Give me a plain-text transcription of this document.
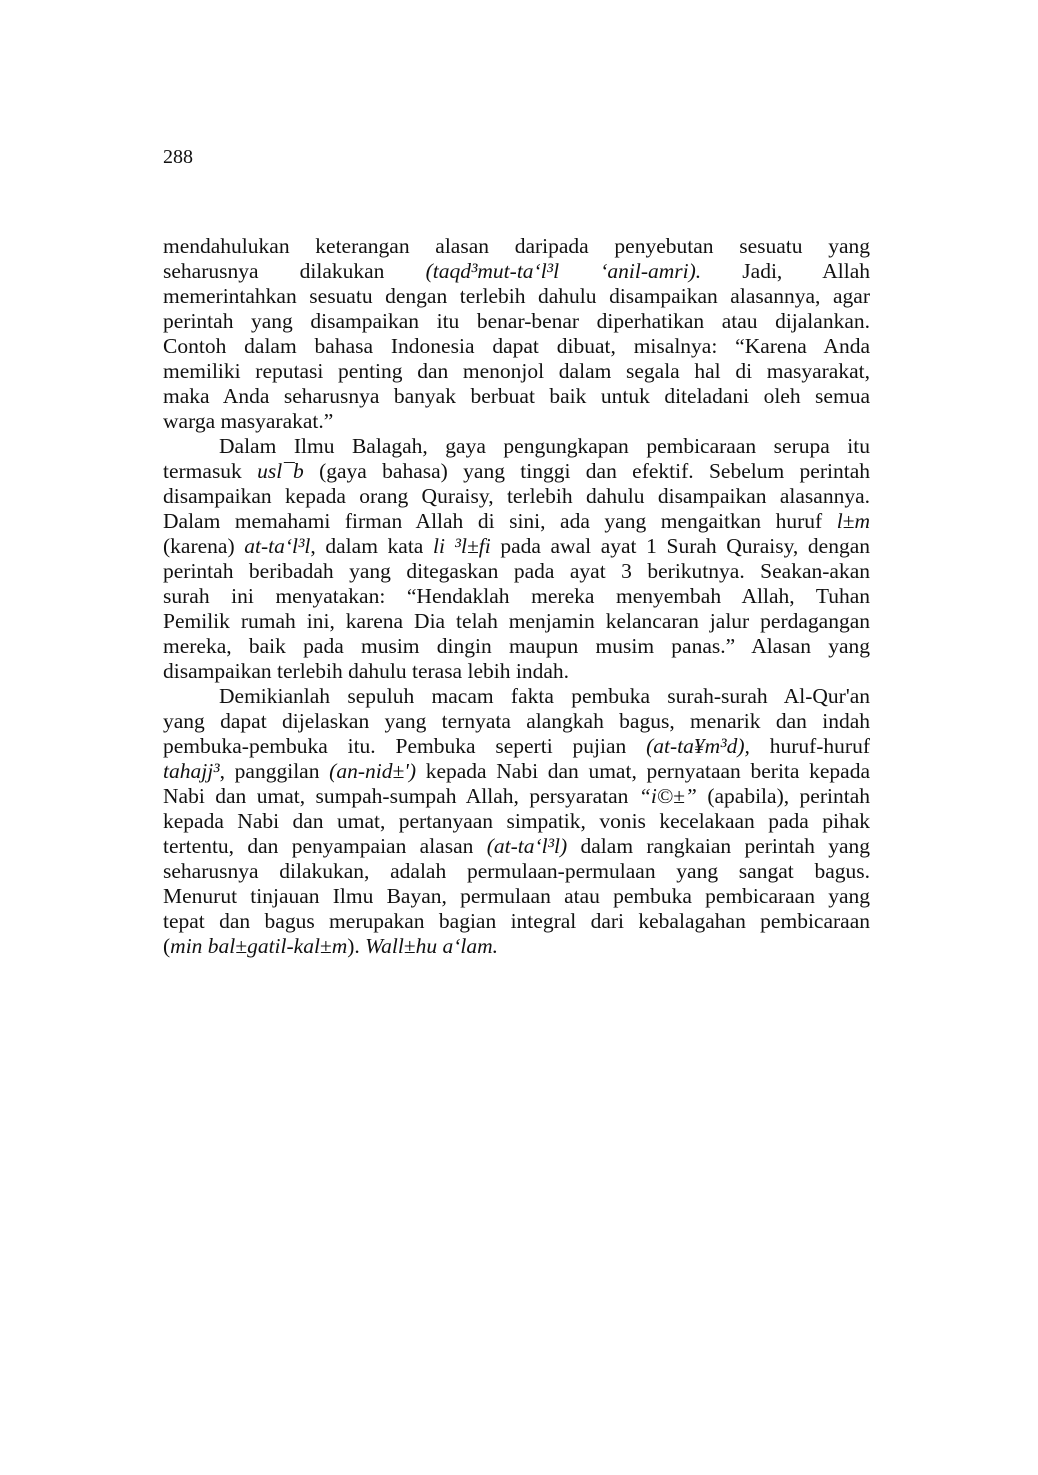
288

mendahulukan keterangan alasan daripada penyebutan sesuatu yang
seharusnya dilakukan (taqd³mut-ta‘l³l ‘anil-amri). Jadi, Allah
memerintahkan sesuatu dengan terlebih dahulu disampaikan alasannya, agar
perintah yang disampaikan itu benar-benar diperhatikan atau dijalankan.
Contoh dalam bahasa Indonesia dapat dibuat, misalnya: “Karena Anda
memiliki reputasi penting dan menonjol dalam segala hal di masyarakat,
maka Anda seharusnya banyak berbuat baik untuk diteladani oleh semua
warga masyarakat.”

Dalam Ilmu Balagah, gaya pengungkapan pembicaraan serupa itu
termasuk usl¯b (gaya bahasa) yang tinggi dan efektif. Sebelum perintah
disampaikan kepada orang Quraisy, terlebih dahulu disampaikan alasannya.
Dalam memahami firman Allah di sini, ada yang mengaitkan huruf l±m
(karena) at-ta‘l³l, dalam kata li ³l±fi pada awal ayat 1 Surah Quraisy, dengan
perintah beribadah yang ditegaskan pada ayat 3 berikutnya. Seakan-akan
surah ini menyatakan: “Hendaklah mereka menyembah Allah, Tuhan
Pemilik rumah ini, karena Dia telah menjamin kelancaran jalur perdagangan
mereka, baik pada musim dingin maupun musim panas.” Alasan yang
disampaikan terlebih dahulu terasa lebih indah.

Demikianlah sepuluh macam fakta pembuka surah-surah Al-Qur'an
yang dapat dijelaskan yang ternyata alangkah bagus, menarik dan indah
pembuka-pembuka itu. Pembuka seperti pujian (at-ta¥m³d), huruf-huruf
tahajj³, panggilan (an-nid±') kepada Nabi dan umat, pernyataan berita kepada
Nabi dan umat, sumpah-sumpah Allah, persyaratan “i©±” (apabila), perintah
kepada Nabi dan umat, pertanyaan simpatik, vonis kecelakaan pada pihak
tertentu, dan penyampaian alasan (at-ta‘l³l) dalam rangkaian perintah yang
seharusnya dilakukan, adalah permulaan-permulaan yang sangat bagus.
Menurut tinjauan Ilmu Bayan, permulaan atau pembuka pembicaraan yang
tepat dan bagus merupakan bagian integral dari kebalagahan pembicaraan
(min bal±gatil-kal±m). Wall±hu a‘lam.
